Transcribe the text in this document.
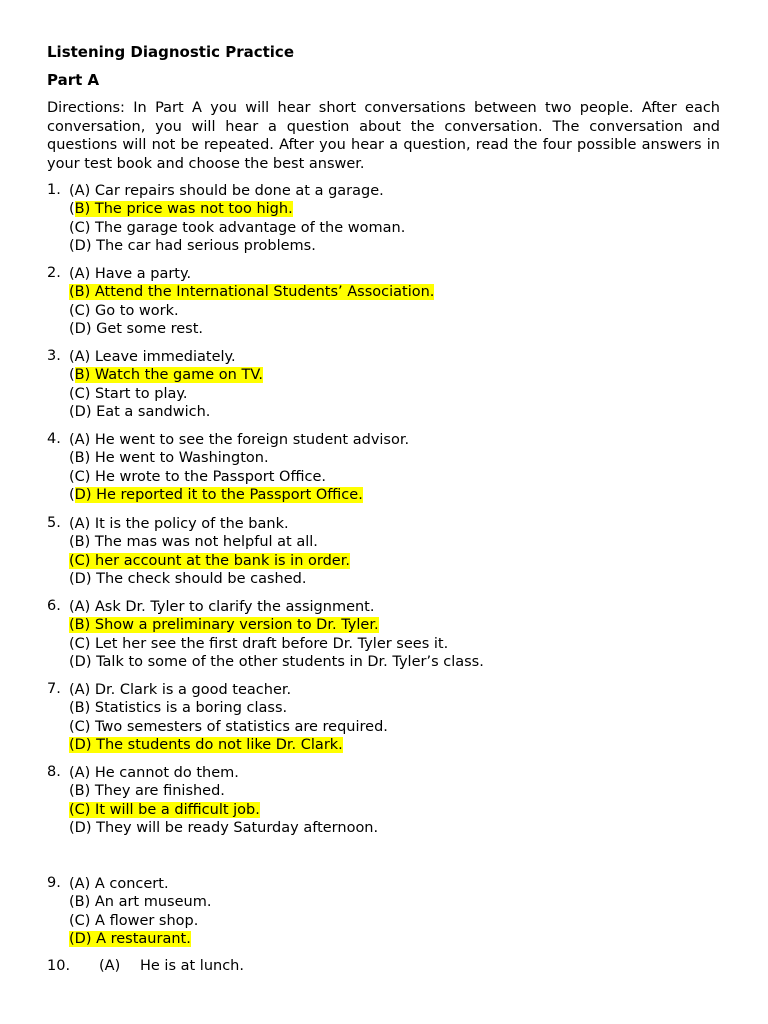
Listening Diagnostic Practice
Part A

Directions: In Part A you will hear short conversations between two people. After each conversation, you will hear a question about the conversation. The conversation and questions will not be repeated. After you hear a question, read the four possible answers in your test book and choose the best answer.

1. (A) Car repairs should be done at a garage.
(B) The price was not too high.
(C) The garage took advantage of the woman.
(D) The car had serious problems.
2. (A) Have a party.
(B) Attend the International Students’ Association.
(C) Go to work.
(D) Get some rest.
3. (A) Leave immediately.
(B) Watch the game on TV.
(C) Start to play.
(D) Eat a sandwich.
4. (A) He went to see the foreign student advisor.
(B) He went to Washington.
(C) He wrote to the Passport Office.
(D) He reported it to the Passport Office.
5. (A) It is the policy of the bank.
(B) The mas was not helpful at all.
(C) her account at the bank is in order.
(D) The check should be cashed.
6. (A) Ask Dr. Tyler to clarify the assignment.
(B) Show a preliminary version to Dr. Tyler.
(C) Let her see the first draft before Dr. Tyler sees it.
(D) Talk to some of the other students in Dr. Tyler’s class.
7. (A) Dr. Clark is a good teacher.
(B) Statistics is a boring class.
(C) Two semesters of statistics are required.
(D) The students do not like Dr. Clark.
8. (A) He cannot do them.
(B) They are finished.
(C) It will be a difficult job.
(D) They will be ready Saturday afternoon.
9. (A) A concert.
(B) An art museum.
(C) A flower shop.
(D) A restaurant.
10. (A) He is at lunch.
